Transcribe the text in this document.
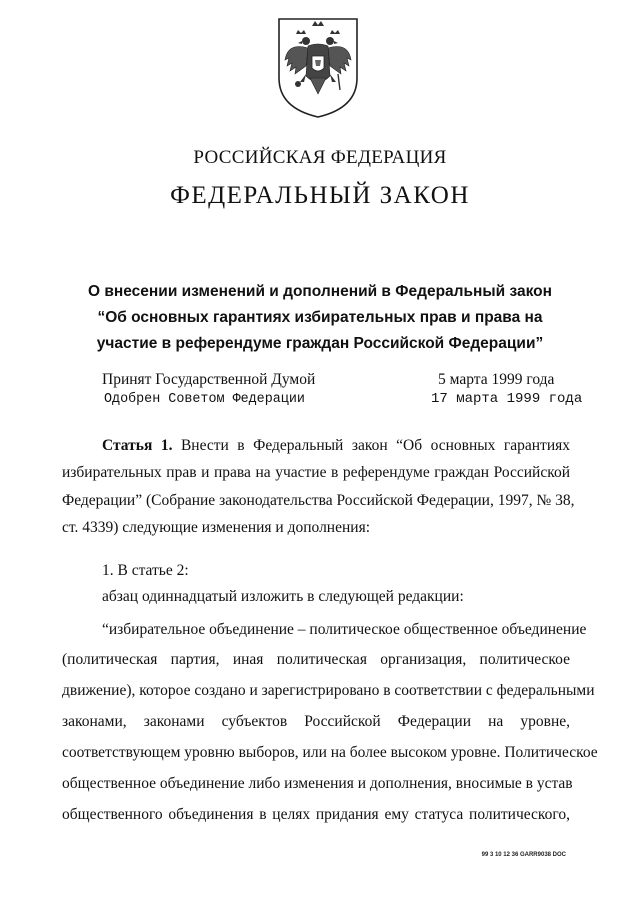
РОССИЙСКАЯ ФЕДЕРАЦИЯ
ФЕДЕРАЛЬНЫЙ ЗАКОН
О внесении изменений и дополнений в Федеральный закон
“Об основных гарантиях избирательных прав и права на
участие в референдуме граждан Российской Федерации”
Принят Государственной Думой	5 марта 1999 года
Одобрен Советом Федерации	17 марта 1999 года
Статья 1. Внести в Федеральный закон “Об основных гарантиях
избирательных прав и права на участие в референдуме граждан Российской
Федерации” (Собрание законодательства Российской Федерации, 1997, № 38,
ст. 4339) следующие изменения и дополнения:
1. В статье 2:
абзац одиннадцатый изложить в следующей редакции:
“избирательное объединение – политическое общественное объединение
(политическая партия, иная политическая организация, политическое
движение), которое создано и зарегистрировано в соответствии с федеральными
законами, законами субъектов Российской Федерации на уровне,
соответствующем уровню выборов, или на более высоком уровне. Политическое
общественное объединение либо изменения и дополнения, вносимые в устав
общественного объединения в целях придания ему статуса политического,
99 3 10 12 36 GARR9038 DOC
